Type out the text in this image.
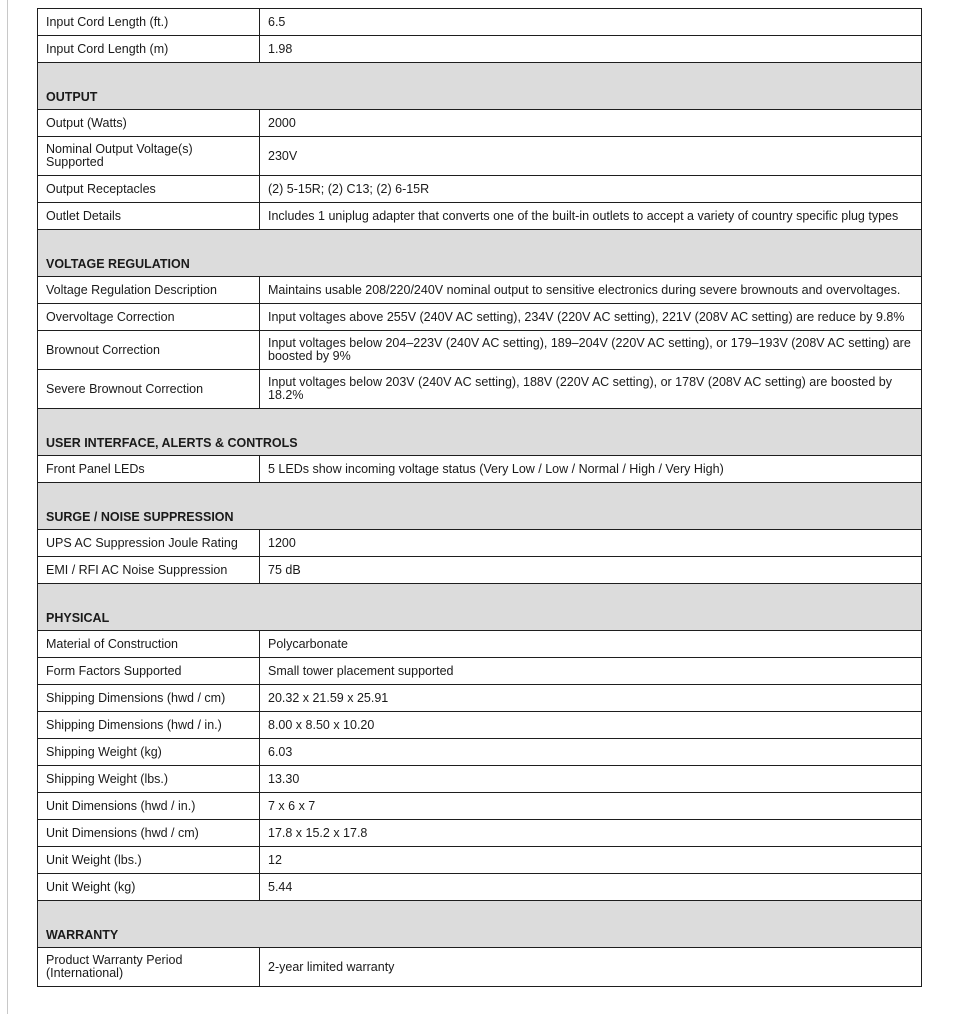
Input Cord Length (ft.)	6.5
Input Cord Length (m)	1.98
OUTPUT	
Output (Watts)	2000
Nominal Output Voltage(s) Supported	230V
Output Receptacles	(2) 5-15R; (2) C13; (2) 6-15R
Outlet Details	Includes 1 uniplug adapter that converts one of the built-in outlets to accept a variety of country specific plug types
VOLTAGE REGULATION	
Voltage Regulation Description	Maintains usable 208/220/240V nominal output to sensitive electronics during severe brownouts and overvoltages.
Overvoltage Correction	Input voltages above 255V (240V AC setting), 234V (220V AC setting), 221V (208V AC setting) are reduce by 9.8%
Brownout Correction	Input voltages below 204–223V (240V AC setting), 189–204V (220V AC setting), or 179–193V (208V AC setting) are boosted by 9%
Severe Brownout Correction	Input voltages below 203V (240V AC setting), 188V (220V AC setting), or 178V (208V AC setting) are boosted by 18.2%
USER INTERFACE, ALERTS & CONTROLS	
Front Panel LEDs	5 LEDs show incoming voltage status (Very Low / Low / Normal / High / Very High)
SURGE / NOISE SUPPRESSION	
UPS AC Suppression Joule Rating	1200
EMI / RFI AC Noise Suppression	75 dB
PHYSICAL	
Material of Construction	Polycarbonate
Form Factors Supported	Small tower placement supported
Shipping Dimensions (hwd / cm)	20.32 x 21.59 x 25.91
Shipping Dimensions (hwd / in.)	8.00 x 8.50 x 10.20
Shipping Weight (kg)	6.03
Shipping Weight (lbs.)	13.30
Unit Dimensions (hwd / in.)	7 x 6 x 7
Unit Dimensions (hwd / cm)	17.8 x 15.2 x 17.8
Unit Weight (lbs.)	12
Unit Weight (kg)	5.44
WARRANTY	
Product Warranty Period (International)	2-year limited warranty
